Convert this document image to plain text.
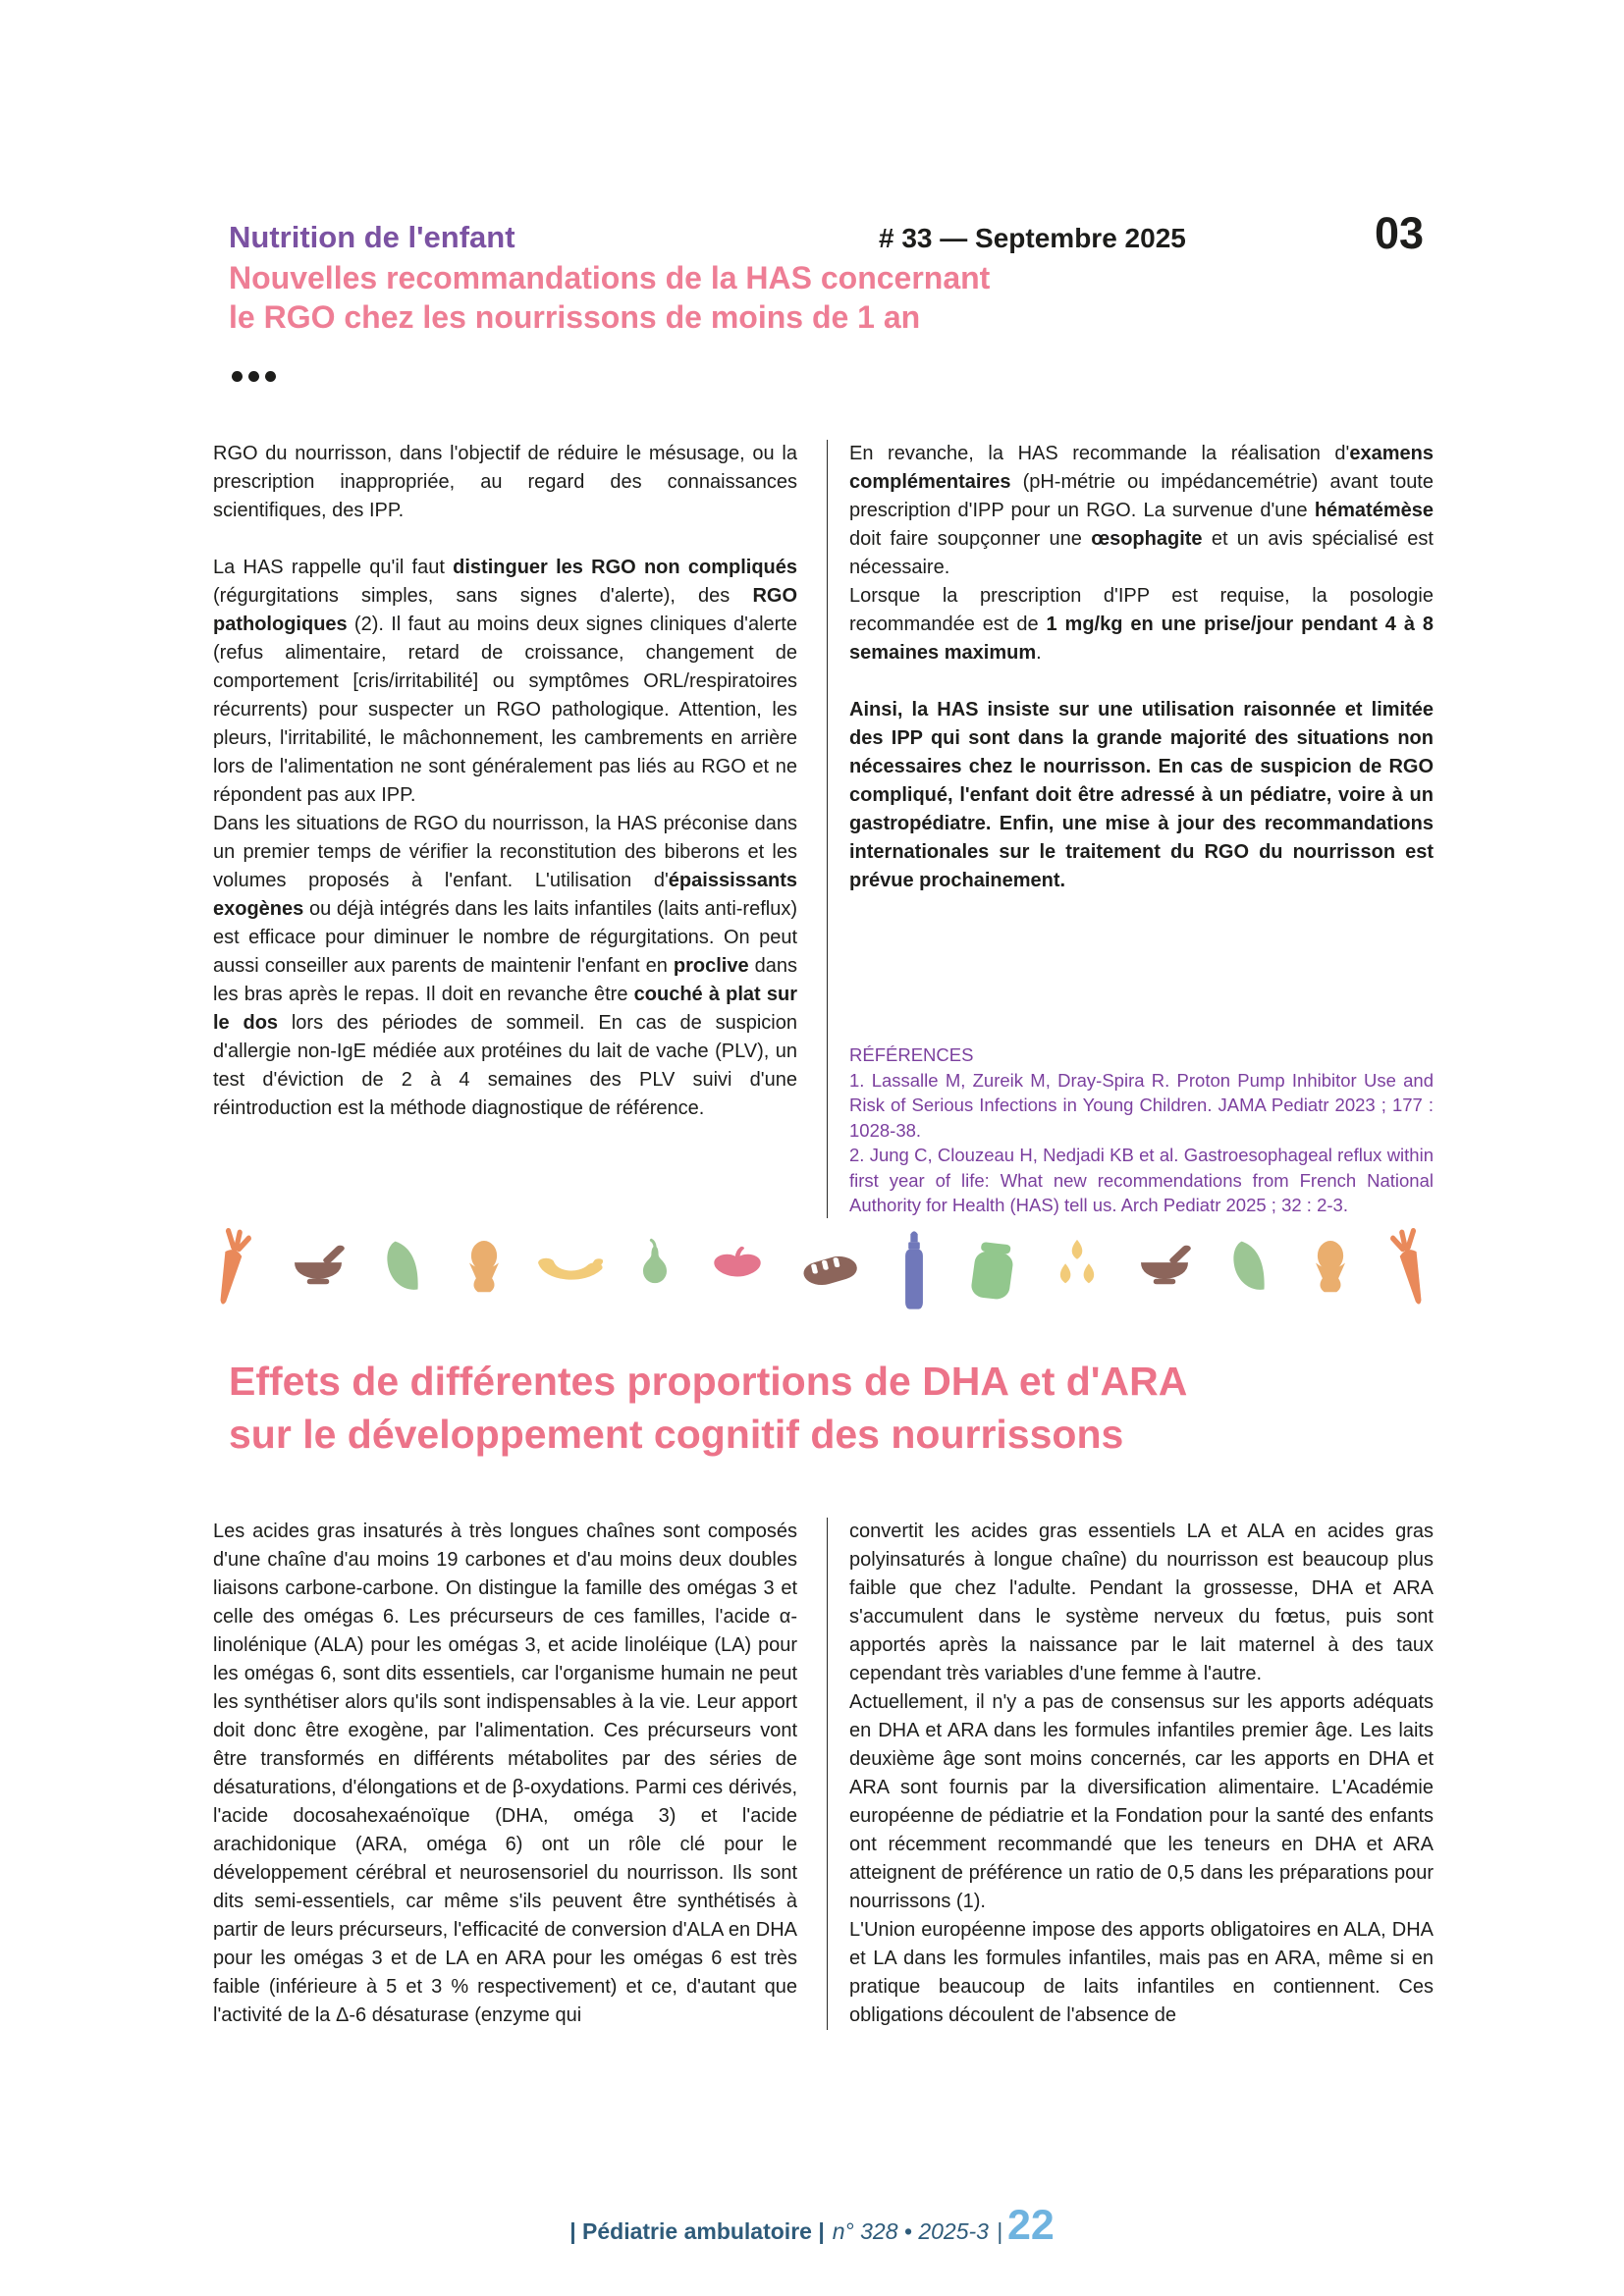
Nutrition de l'enfant	# 33 — Septembre 2025	03
Nouvelles recommandations de la HAS concernant
le RGO chez les nourrissons de moins de 1 an

RGO du nourrisson, dans l'objectif de réduire le mésusage, ou la prescription inappropriée, au regard des connaissances scientifiques, des IPP.

La HAS rappelle qu'il faut distinguer les RGO non compliqués (régurgitations simples, sans signes d'alerte), des RGO pathologiques (2). Il faut au moins deux signes cliniques d'alerte (refus alimentaire, retard de croissance, changement de comportement [cris/irritabilité] ou symptômes ORL/respiratoires récurrents) pour suspecter un RGO pathologique. Attention, les pleurs, l'irritabilité, le mâchonnement, les cambrements en arrière lors de l'alimentation ne sont généralement pas liés au RGO et ne répondent pas aux IPP.

Dans les situations de RGO du nourrisson, la HAS préconise dans un premier temps de vérifier la reconstitution des biberons et les volumes proposés à l'enfant. L'utilisation d'épaississants exogènes ou déjà intégrés dans les laits infantiles (laits anti-reflux) est efficace pour diminuer le nombre de régurgitations. On peut aussi conseiller aux parents de maintenir l'enfant en proclive dans les bras après le repas. Il doit en revanche être couché à plat sur le dos lors des périodes de sommeil. En cas de suspicion d'allergie non-IgE médiée aux protéines du lait de vache (PLV), un test d'éviction de 2 à 4 semaines des PLV suivi d'une réintroduction est la méthode diagnostique de référence.

En revanche, la HAS recommande la réalisation d'examens complémentaires (pH-métrie ou impédancemétrie) avant toute prescription d'IPP pour un RGO. La survenue d'une hématémèse doit faire soupçonner une œsophagite et un avis spécialisé est nécessaire.

Lorsque la prescription d'IPP est requise, la posologie recommandée est de 1 mg/kg en une prise/jour pendant 4 à 8 semaines maximum.

Ainsi, la HAS insiste sur une utilisation raisonnée et limitée des IPP qui sont dans la grande majorité des situations non nécessaires chez le nourrisson. En cas de suspicion de RGO compliqué, l'enfant doit être adressé à un pédiatre, voire à un gastropédiatre. Enfin, une mise à jour des recommandations internationales sur le traitement du RGO du nourrisson est prévue prochainement.

RÉFÉRENCES

1. Lassalle M, Zureik M, Dray-Spira R. Proton Pump Inhibitor Use and Risk of Serious Infections in Young Children. JAMA Pediatr 2023 ; 177 : 1028-38.

2. Jung C, Clouzeau H, Nedjadi KB et al. Gastroesophageal reflux within first year of life: What new recommendations from French National Authority for Health (HAS) tell us. Arch Pediatr 2025 ; 32 : 2-3.

Effets de différentes proportions de DHA et d'ARA
sur le développement cognitif des nourrissons

Les acides gras insaturés à très longues chaînes sont composés d'une chaîne d'au moins 19 carbones et d'au moins deux doubles liaisons carbone-carbone. On distingue la famille des omégas 3 et celle des omégas 6. Les précurseurs de ces familles, l'acide α-linolénique (ALA) pour les omégas 3, et acide linoléique (LA) pour les omégas 6, sont dits essentiels, car l'organisme humain ne peut les synthétiser alors qu'ils sont indispensables à la vie. Leur apport doit donc être exogène, par l'alimentation. Ces précurseurs vont être transformés en différents métabolites par des séries de désaturations, d'élongations et de β-oxydations. Parmi ces dérivés, l'acide docosahexaénoïque (DHA, oméga 3) et l'acide arachidonique (ARA, oméga 6) ont un rôle clé pour le développement cérébral et neurosensoriel du nourrisson. Ils sont dits semi-essentiels, car même s'ils peuvent être synthétisés à partir de leurs précurseurs, l'efficacité de conversion d'ALA en DHA pour les omégas 3 et de LA en ARA pour les omégas 6 est très faible (inférieure à 5 et 3 % respectivement) et ce, d'autant que l'activité de la Δ-6 désaturase (enzyme qui

convertit les acides gras essentiels LA et ALA en acides gras polyinsaturés à longue chaîne) du nourrisson est beaucoup plus faible que chez l'adulte. Pendant la grossesse, DHA et ARA s'accumulent dans le système nerveux du fœtus, puis sont apportés après la naissance par le lait maternel à des taux cependant très variables d'une femme à l'autre.

Actuellement, il n'y a pas de consensus sur les apports adéquats en DHA et ARA dans les formules infantiles premier âge. Les laits deuxième âge sont moins concernés, car les apports en DHA et ARA sont fournis par la diversification alimentaire. L'Académie européenne de pédiatrie et la Fondation pour la santé des enfants ont récemment recommandé que les teneurs en DHA et ARA atteignent de préférence un ratio de 0,5 dans les préparations pour nourrissons (1).

L'Union européenne impose des apports obligatoires en ALA, DHA et LA dans les formules infantiles, mais pas en ARA, même si en pratique beaucoup de laits infantiles en contiennent. Ces obligations découlent de l'absence de

| Pédiatrie ambulatoire | n° 328 • 2025-3 | 22
